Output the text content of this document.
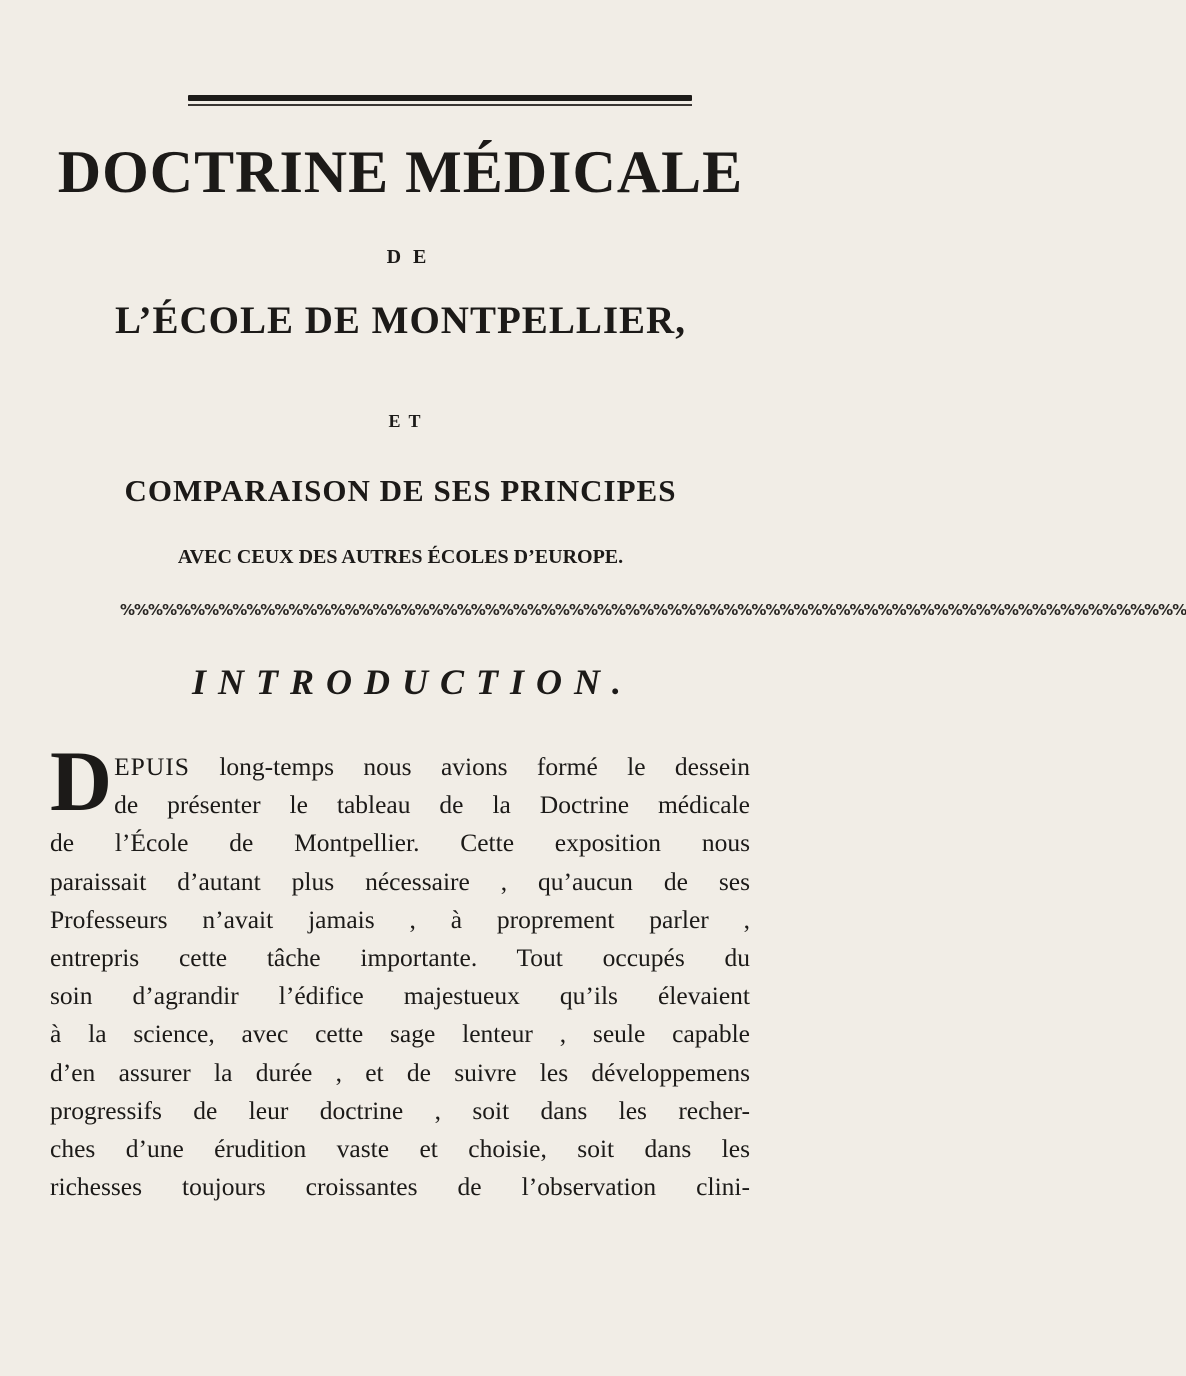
DOCTRINE MÉDICALE
DE
L’ÉCOLE DE MONTPELLIER,
ET
COMPARAISON DE SES PRINCIPES
AVEC CEUX DES AUTRES ÉCOLES D’EUROPE.
%%%%%%%%%%%%%%%%%%%%%%%%%%%%%%%%%%%%%%%%%%%%%%%%%%%%%%%%%%%%%%%%%%%%%%%%%%%%
INTRODUCTION.
D EPUIS long-temps nous avions formé le dessein
de présenter le tableau de la Doctrine médicale
de l’École de Montpellier. Cette exposition nous
paraissait d’autant plus nécessaire , qu’aucun de ses
Professeurs n’avait jamais , à proprement parler ,
entrepris cette tâche importante. Tout occupés du
soin d’agrandir l’édifice majestueux qu’ils élevaient
à la science, avec cette sage lenteur , seule capable
d’en assurer la durée , et de suivre les développemens
progressifs de leur doctrine , soit dans les recher-
ches d’une érudition vaste et choisie, soit dans les
richesses toujours croissantes de l’observation clini-
